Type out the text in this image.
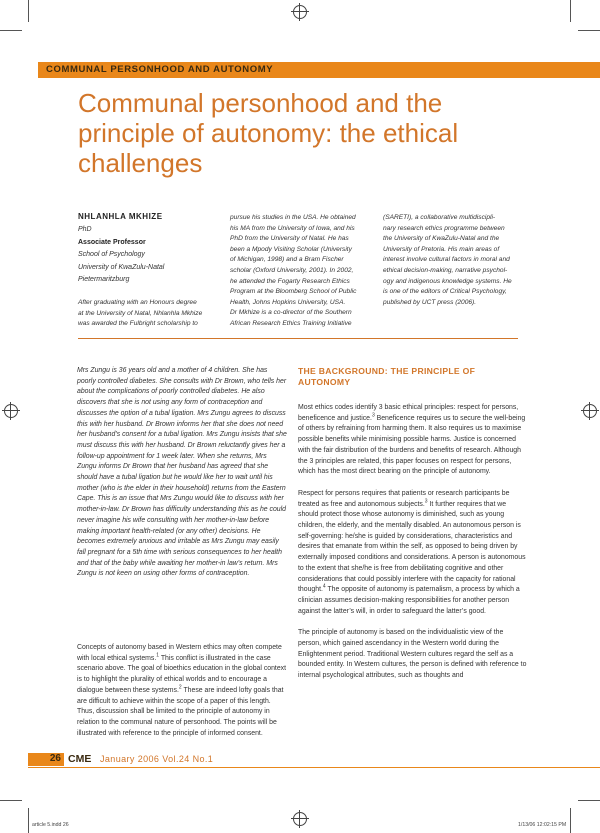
COMMUNAL PERSONHOOD AND AUTONOMY
Communal personhood and the
principle of autonomy: the ethical
challenges
NHLANHLA MKHIZE
PhD
Associate Professor
School of Psychology
University of KwaZulu-Natal
Pietermaritzburg
After graduating with an Honours degree
at the University of Natal, Nhlanhla Mkhize
was awarded the Fulbright scholarship to
pursue his studies in the USA. He obtained
his MA from the University of Iowa, and his
PhD from the University of Natal. He has
been a Mpody Visiting Scholar (University
of Michigan, 1998) and a Bram Fischer
scholar (Oxford University, 2001). In 2002,
he attended the Fogarty Research Ethics
Program at the Bloomberg School of Public
Health, Johns Hopkins University, USA.
Dr Mkhize is a co-director of the Southern
African Research Ethics Training Initiative
(SARETI), a collaborative multidiscipli-
nary research ethics programme between
the University of KwaZulu-Natal and the
University of Pretoria. His main areas of
interest involve cultural factors in moral and
ethical decision-making, narrative psychol-
ogy and indigenous knowledge systems. He
is one of the editors of Critical Psychology,
published by UCT press (2006).
Mrs Zungu is 36 years old and a mother of 4 children. She has poorly controlled diabetes. She consults with Dr Brown, who tells her about the complications of poorly controlled diabetes. He also discovers that she is not using any form of contraception and discusses the option of a tubal ligation. Mrs Zungu agrees to discuss this with her husband. Dr Brown informs her that she does not need her husband’s consent for a tubal ligation. Mrs Zungu insists that she must discuss this with her husband. Dr Brown reluctantly gives her a follow-up appointment for 1 week later. When she returns, Mrs Zungu informs Dr Brown that her husband has agreed that she should have a tubal ligation but he would like her to wait until his mother (who is the elder in their household) returns from the Eastern Cape. This is an issue that Mrs Zungu would like to discuss with her mother-in-law. Dr Brown has difficulty understanding this as he could never imagine his wife consulting with her mother-in-law before making important health-related (or any other) decisions. He becomes extremely anxious and irritable as Mrs Zungu may easily fall pregnant for a 5th time with serious consequences to her health and that of the baby while awaiting her mother-in law’s return. Mrs Zungu is not keen on using other forms of contraception.

Concepts of autonomy based in Western ethics may often compete with local ethical systems.$^1$ This conflict is illustrated in the case scenario above. The goal of bioethics education in the global context is to highlight the plurality of ethical worlds and to encourage a dialogue between these systems.$^2$ These are indeed lofty goals that are difficult to achieve within the scope of a paper of this length. Thus, discussion shall be limited to the principle of autonomy in relation to the communal nature of personhood. The points will be illustrated with reference to the principle of informed consent.

THE BACKGROUND: THE PRINCIPLE OF AUTONOMY

Most ethics codes identify 3 basic ethical principles: respect for persons, beneficence and justice.$^3$ Beneficence requires us to secure the well-being of others by refraining from harming them. It also requires us to maximise possible benefits while minimising possible harms. Justice is concerned with the fair distribution of the burdens and benefits of research. Although the 3 principles are related, this paper focuses on respect for persons, which has the most direct bearing on the principle of autonomy.

Respect for persons requires that patients or research participants be treated as free and autonomous subjects.$^3$ It further requires that we should protect those whose autonomy is diminished, such as young children, the elderly, and the mentally disabled. An autonomous person is self-governing: he/she is guided by considerations, characteristics and desires that emanate from within the self, as opposed to being driven by externally imposed conditions and considerations. A person is autonomous to the extent that she/he is free from debilitating cognitive and other considerations that could possibly interfere with the capacity for rational thought.$^4$ The opposite of autonomy is paternalism, a process by which a clinician assumes decision-making responsibilities for another person against the latter’s will, in order to safeguard the latter’s good.

The principle of autonomy is based on the individualistic view of the person, which gained ascendancy in the Western world during the Enlightenment period. Traditional Western cultures regard the self as a bounded entity. In Western cultures, the person is defined with reference to internal psychological attributes, such as thoughts and

26 CME January 2006 Vol.24 No.1
article 5.indd 26	1/13/06 12:02:15 PM
